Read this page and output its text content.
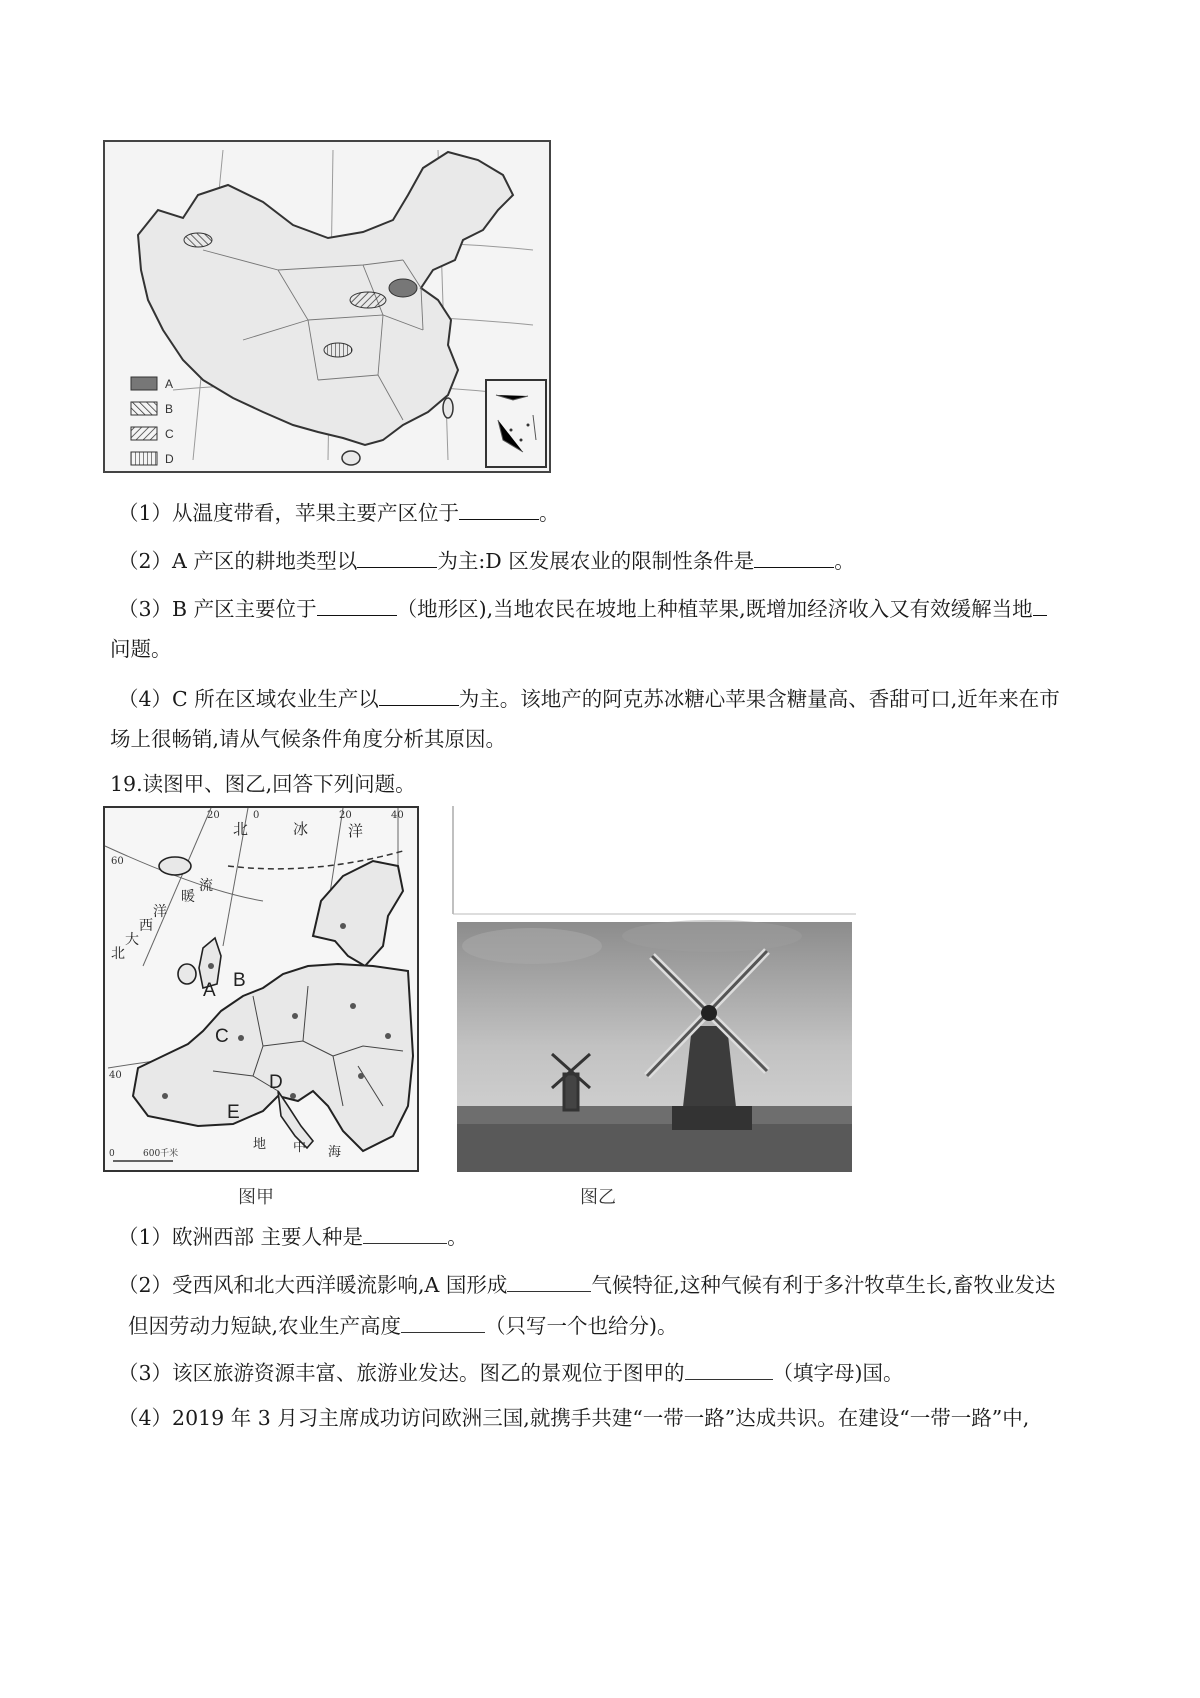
A
B
C
D
（1）从温度带看，苹果主要产区位于	。
（2）A 产区的耕地类型以	为主:D 区发展农业的限制性条件是	。
（3）B 产区主要位于	（地形区),当地农民在坡地上种植苹果,既增加经济收入又有效缓解当地
问题。
（4）C 所在区域农业生产以	为主。该地产的阿克苏冰糖心苹果含糖量高、香甜可口,近年来在市
场上很畅销,请从气候条件角度分析其原因。
19.读图甲、图乙,回答下列问题。
0	600千米
20	0	20	40
60
40
北	冰	洋
北
大
西
洋
暖
流
A B
C
D
E
地 中 海
图甲	图乙
（1）欧洲西部 主要人种是	。
（2）受西风和北大西洋暖流影响,A 国形成	气候特征,这种气候有利于多汁牧草生长,畜牧业发达
但因劳动力短缺,农业生产高度	（只写一个也给分)。
（3）该区旅游资源丰富、旅游业发达。图乙的景观位于图甲的	（填字母)国。
（4）2019 年 3 月习主席成功访问欧洲三国,就携手共建“一带一路”达成共识。在建设“一带一路”中,
